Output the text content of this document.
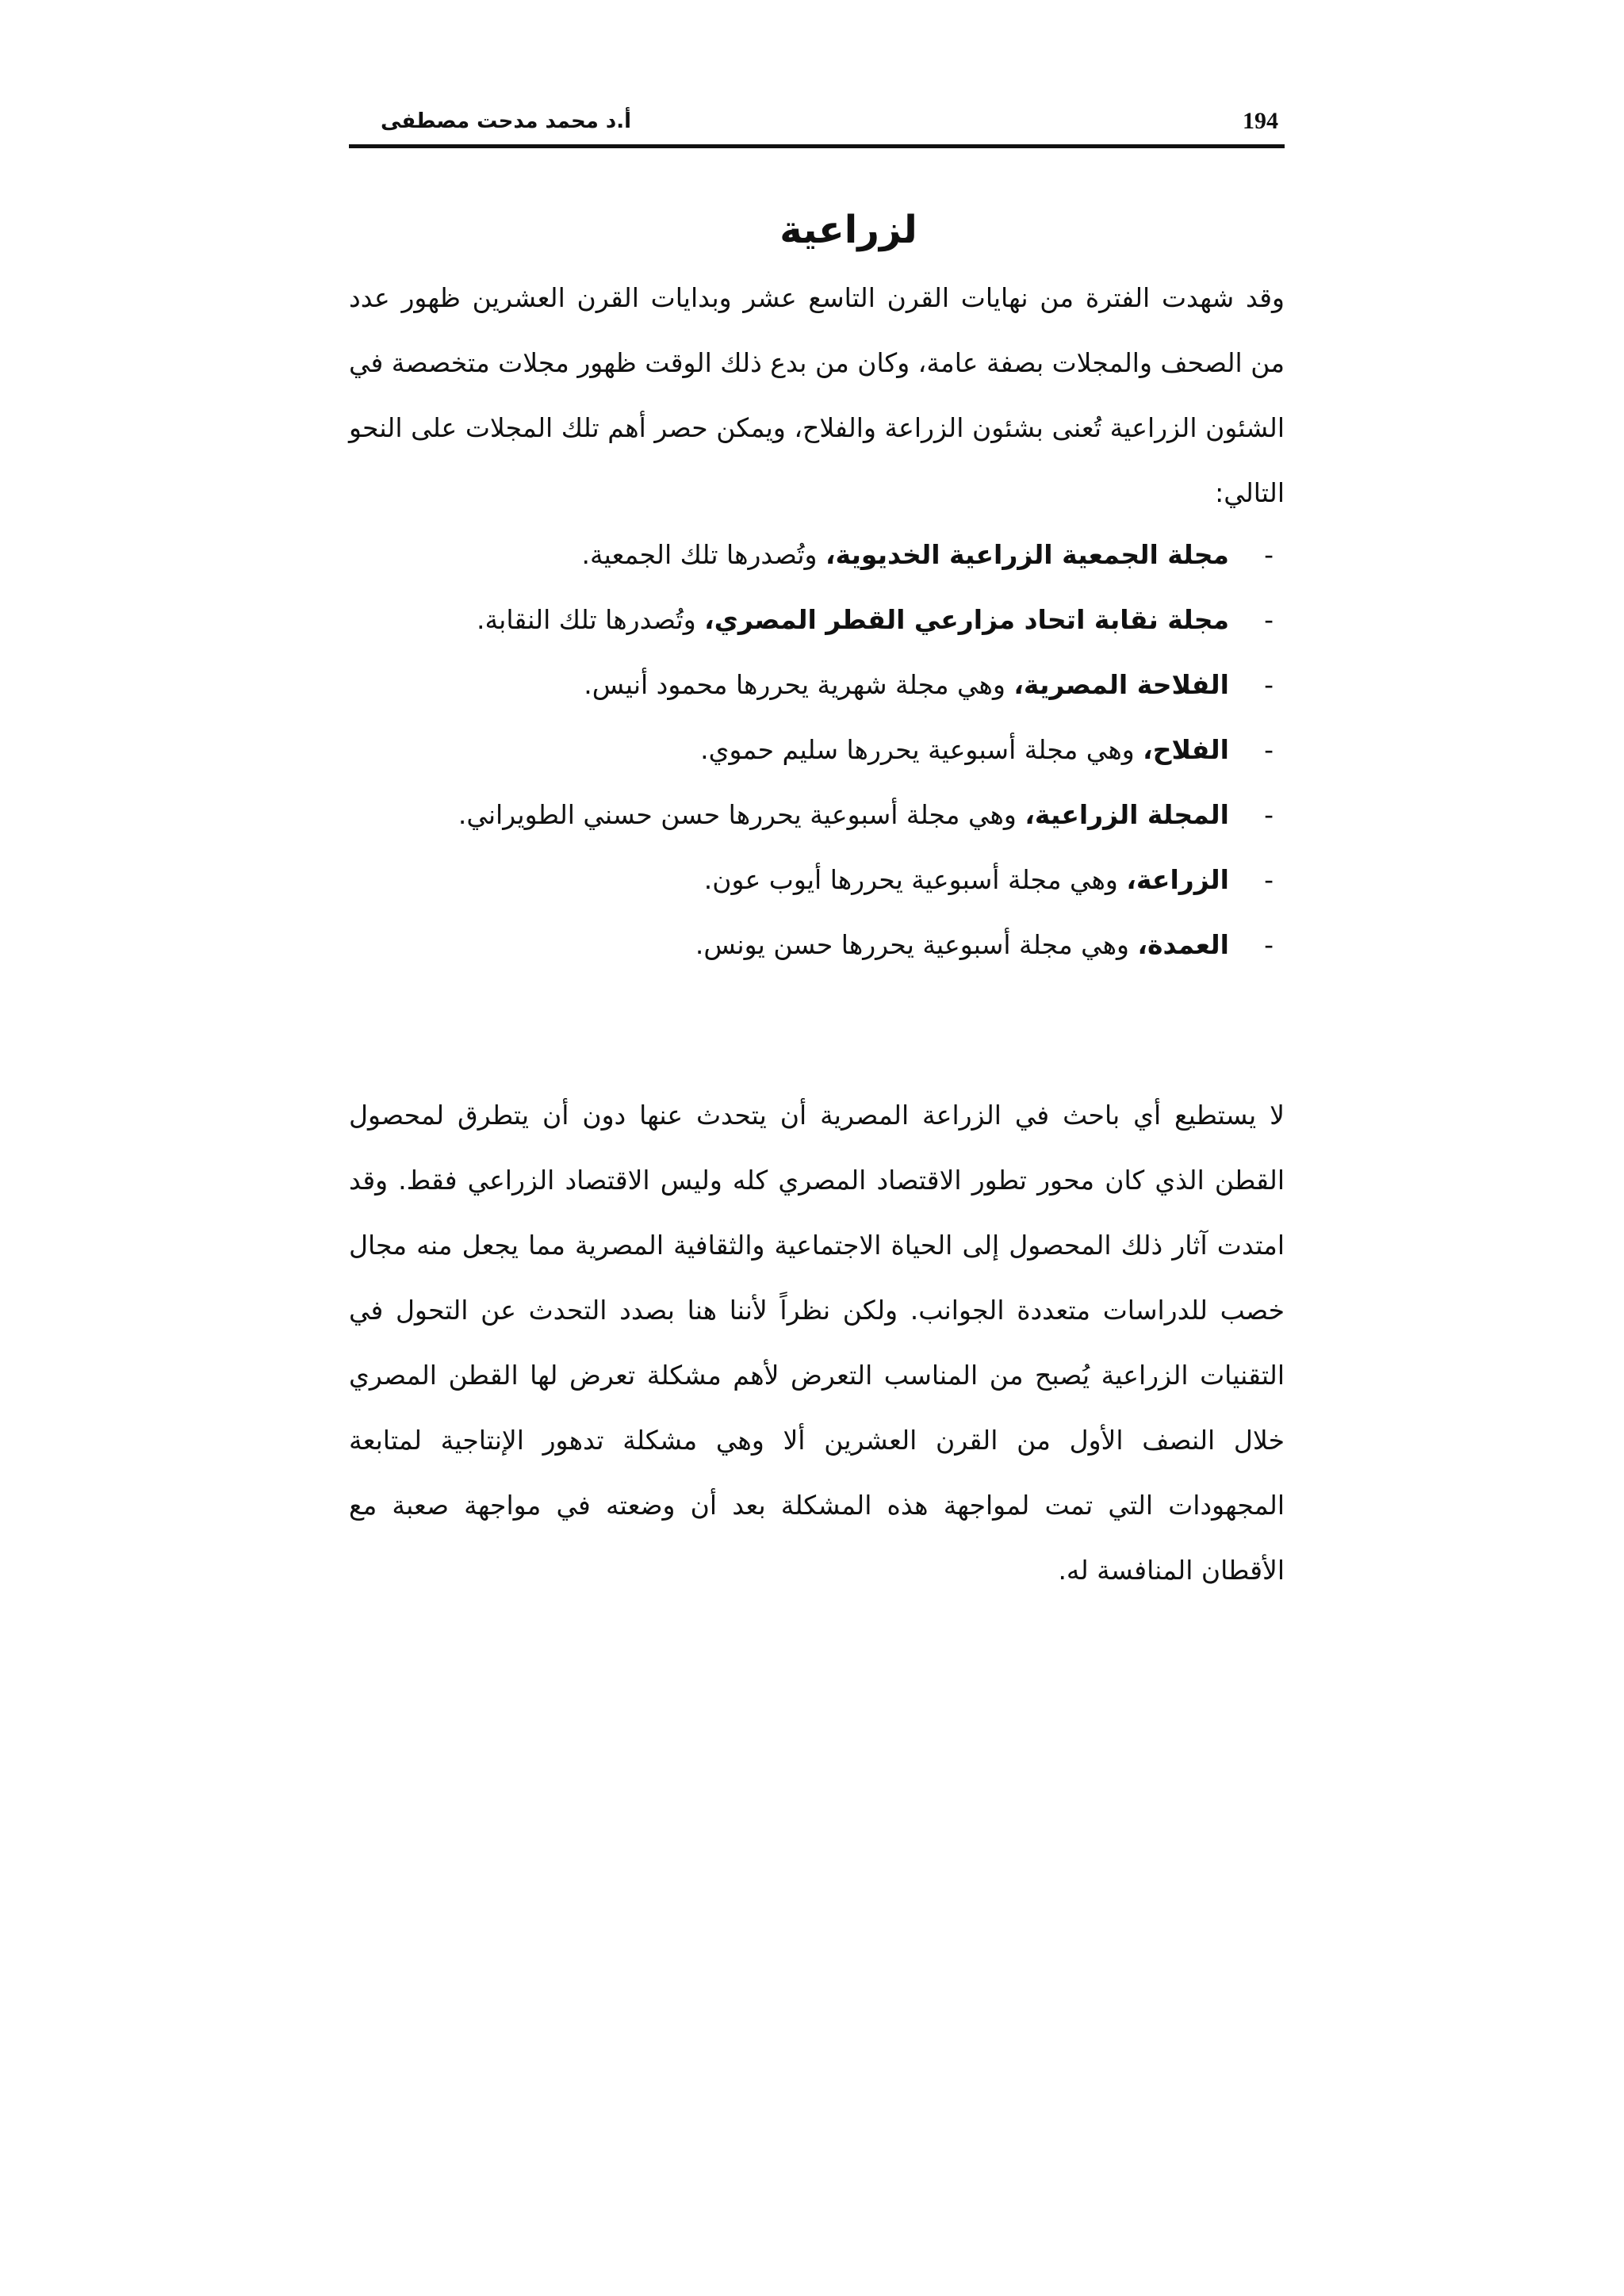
194
أ.د محمد مدحت مصطفى
لزراعية

وقد شهدت الفترة من نهايات القرن التاسع عشر وبدايات القرن العشرين ظهور عدد من الصحف والمجلات بصفة عامة، وكان من بدع ذلك الوقت ظهور مجلات متخصصة في الشئون الزراعية تُعنى بشئون الزراعة والفلاح، ويمكن حصر أهم تلك المجلات على النحو التالي:

-
مجلة الجمعية الزراعية الخديوية، وتُصدرها تلك الجمعية.
-
مجلة نقابة اتحاد مزارعي القطر المصري، وتُصدرها تلك النقابة.
-
الفلاحة المصرية، وهي مجلة شهرية يحررها محمود أنيس.
-
الفلاح، وهي مجلة أسبوعية يحررها سليم حموي.
-
المجلة الزراعية، وهي مجلة أسبوعية يحررها حسن حسني الطويراني.
-
الزراعة، وهي مجلة أسبوعية يحررها أيوب عون.
-
العمدة، وهي مجلة أسبوعية يحررها حسن يونس.

لا يستطيع أي باحث في الزراعة المصرية أن يتحدث عنها دون أن يتطرق لمحصول القطن الذي كان محور تطور الاقتصاد المصري كله وليس الاقتصاد الزراعي فقط. وقد امتدت آثار ذلك المحصول إلى الحياة الاجتماعية والثقافية المصرية مما يجعل منه مجال خصب للدراسات متعددة الجوانب. ولكن نظراً لأننا هنا بصدد التحدث عن التحول في التقنيات الزراعية يُصبح من المناسب التعرض لأهم مشكلة تعرض لها القطن المصري خلال النصف الأول من القرن العشرين ألا وهي مشكلة تدهور الإنتاجية لمتابعة المجهودات التي تمت لمواجهة هذه المشكلة بعد أن وضعته في مواجهة صعبة مع الأقطان المنافسة له.
